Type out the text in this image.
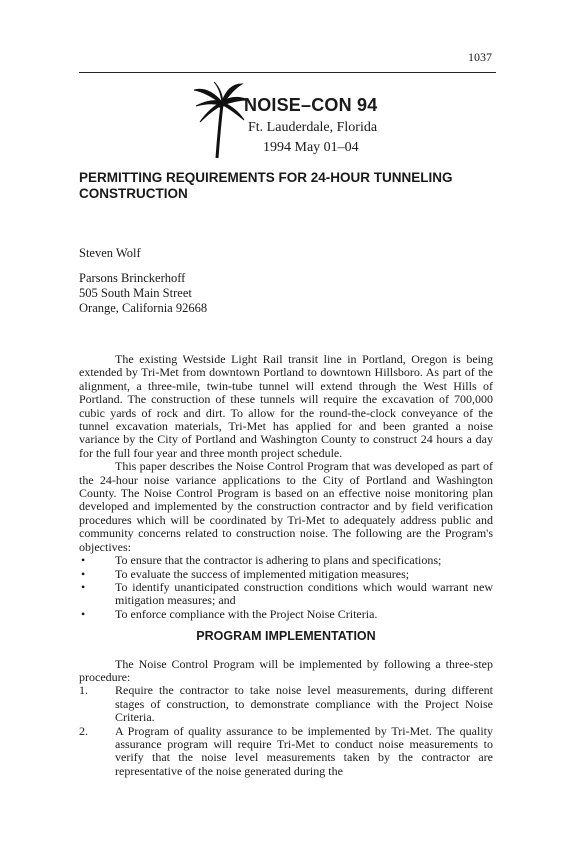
1037
NOISE–CON 94
Ft. Lauderdale, Florida
1994 May 01–04
PERMITTING REQUIREMENTS FOR 24-HOUR TUNNELING CONSTRUCTION
Steven Wolf
Parsons Brinckerhoff
505 South Main Street
Orange, California 92668

The existing Westside Light Rail transit line in Portland, Oregon is being extended by Tri-Met from downtown Portland to downtown Hillsboro. As part of the alignment, a three-mile, twin-tube tunnel will extend through the West Hills of Portland. The construction of these tunnels will require the excavation of 700,000 cubic yards of rock and dirt. To allow for the round-the-clock conveyance of the tunnel excavation materials, Tri-Met has applied for and been granted a noise variance by the City of Portland and Washington County to construct 24 hours a day for the full four year and three month project schedule.

This paper describes the Noise Control Program that was developed as part of the 24-hour noise variance applications to the City of Portland and Washington County. The Noise Control Program is based on an effective noise monitoring plan developed and implemented by the construction contractor and by field verification procedures which will be coordinated by Tri-Met to adequately address public and community concerns related to construction noise. The following are the Program's objectives:

• To ensure that the contractor is adhering to plans and specifications;
• To evaluate the success of implemented mitigation measures;
• To identify unanticipated construction conditions which would warrant new mitigation measures; and
• To enforce compliance with the Project Noise Criteria.
PROGRAM IMPLEMENTATION

The Noise Control Program will be implemented by following a three-step procedure:

1. Require the contractor to take noise level measurements, during different stages of construction, to demonstrate compliance with the Project Noise Criteria.
2. A Program of quality assurance to be implemented by Tri-Met. The quality assurance program will require Tri-Met to conduct noise measurements to verify that the noise level measurements taken by the contractor are representative of the noise generated during the
